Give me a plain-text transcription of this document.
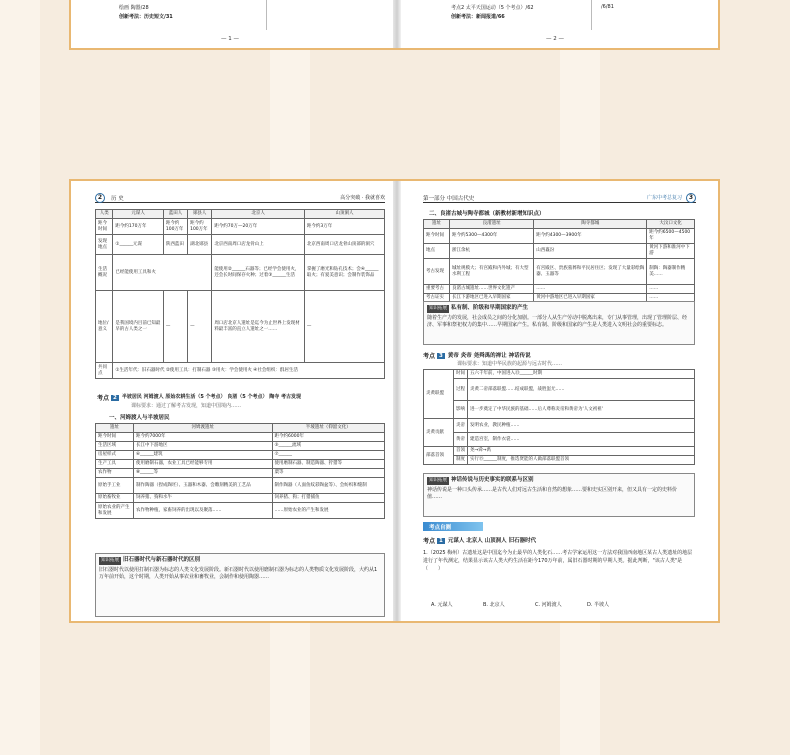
绘画 陶器/28
创新考法：历史短文/31
— 1 —
考点2 太平天国运动（5 个考点）/62
创新考法：新闻报道/66
/6/81
— 2 —
2	历 史	高分突破 · 我就喜欢
人类	元谋人	蓝田人	郧县人	北京人	山顶洞人
距今时间	距今约170万年	距今约100万年	距今约100万年	距今约70万—20万年	距今约3万年
发现地点	①______元谋	陕西蓝田	湖北郧县	北京西南周口店龙骨山上	北京西南周口店龙骨山顶部的洞穴
生活概况	已经能使用工具和火			能使用②______石器等；已经学会使用火，还会长时间保存火种；过着③______生活	掌握了磨光和钻孔技术；会④______取火；有爱美意识；会制作装饰品
地位/意义	是我国境内目前已知最早的古人类之一	—	—	周口店北京人遗址是迄今为止世界上发现材料最丰富的直立人遗址之一……	—
共同点	①生活年代：旧石器时代 ②使用工具：打制石器 ③用火：学会使用火 ④社会组织：群居生活				
考点 2	半坡居民 河姆渡人 原始农耕生活（5 个考点） 良渚（5 个考点） 陶寺 考古发现
课标要求：通过了解考古发现，知道中国境内……
一、河姆渡人与半坡居民
遗址	河姆渡遗址	半坡遗址（仰韶文化）
距今时间	距今约7000年	距今约6000年
生活区域	长江中下游地区	⑤______流域
房屋样式	⑥______建筑	⑦______
生产工具	使用磨制石器，农业工具已经能够专用	使用磨制石器、制造陶器、狩猎等
农作物	⑧______等	粟等
原始手工业	制作陶器（捏成陶坯）、玉器和木器、会雕刻精美的工艺品	制作陶器（人面鱼纹彩陶盆等）、会纺织和缝制
原始畜牧业	饲养猪、狗和水牛	饲养猪、狗；打猎捕鱼
原始农业的产生和发展	农作物种植，家畜饲养的出现以及聚落……	……原始农业的产生和发展
知识拓展 旧石器时代与新石器时代的区别
旧石器时代以使用打制石器为标志的人类文化发展阶段。新石器时代以使用磨制石器为标志的人类物质文化发展阶段，大约从1万年前开始，这个时期，人类开始从事农业和畜牧业，会制作和使用陶器……
第一部分 中国古代史	广东中考总复习	3
二、良渚古城与陶寺都城（新教材新增知识点）
遗址	良渚遗址	陶寺都城	大汶口文化
距今时间	距今约5300—4300年	距今约4300—3900年	距今约6500—4500年
地点	浙江余杭	山西襄汾	黄河下游和淮河中下游
考古发现	城址规模大；有宫殿和内外城；有大型水利工程	有宫殿区、贵族墓葬和平民居住区；发现了大量彩绘陶器、玉器等	制陶：陶器制作精美……
重要考古	良渚古城遗址……世界文化遗产	……	……
考古证实	长江下游地区已进入早期国家	黄河中游地区已进入早期国家	……
知识拓展 私有制、阶级和早期国家的产生
随着生产力的发展，社会成员之间的分化加剧。一部分人从生产劳动中脱离出来，专门从事管理，出现了管理阶层、经济、军事和祭祀权力的集中……早期国家产生。私有制、阶级和国家的产生是人类进入文明社会的重要标志。
考点 3 黄帝 炎帝 尧舜禹的禅让 神话传说
课标要求：知道中华民族的起源与远古时代……
炎黄联盟	时间	五六千年前，中国进入⑬______时期
	过程	炎黄二帝部落联盟……结成联盟，战胜蚩尤……
	影响	进一步奠定了中华民族的基础……后人尊称炎帝和黄帝为'人文初祖'
炎黄贡献	炎帝	发明农业，教民种植……
	黄帝	建造宫室，制作衣裳……
部落首领	首领	尧→舜→禹
	制度	实行⑮______制度，推选贤能的人做部落联盟首领
知识拓展 神话传说与历史事实的联系与区别
神话传说是一种口头传承……是古代人们对远古生活和自然的想象……要和史实区别开来，但又具有一定的史料价值……
考点自测
考点 1 元谋人 北京人 山顶洞人 旧石器时代
1.（2025 梅州）古遗址这是中国迄今为止最早的人类化石……考古学家运用这一方法对我国西南地区某古人类遗址的地层进行了年代测定，结果显示该古人类大约生活在距今170万年前，属旧石器时期的早期人类。据此判断，"该古人类"是（　　）
A. 元谋人	B. 北京人	C. 河姆渡人	D. 半坡人
